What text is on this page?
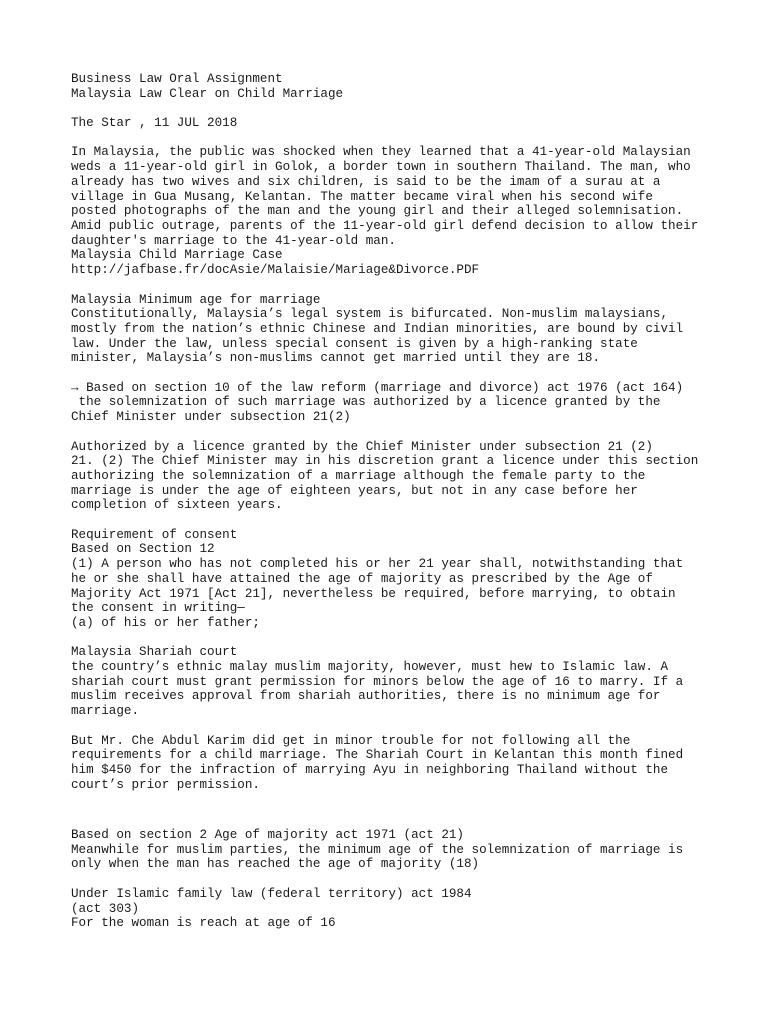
Business Law Oral Assignment
Malaysia Law Clear on Child Marriage
The Star , 11 JUL 2018
In Malaysia, the public was shocked when they learned that a 41-year-old Malaysian
weds a 11-year-old girl in Golok, a border town in southern Thailand. The man, who
already has two wives and six children, is said to be the imam of a surau at a
village in Gua Musang, Kelantan. The matter became viral when his second wife
posted photographs of the man and the young girl and their alleged solemnisation.
Amid public outrage, parents of the 11-year-old girl defend decision to allow their
daughter's marriage to the 41-year-old man.
Malaysia Child Marriage Case
http://jafbase.fr/docAsie/Malaisie/Mariage&Divorce.PDF
Malaysia Minimum age for marriage
Constitutionally, Malaysia’s legal system is bifurcated. Non-muslim malaysians,
mostly from the nation’s ethnic Chinese and Indian minorities, are bound by civil
law. Under the law, unless special consent is given by a high-ranking state
minister, Malaysia’s non-muslims cannot get married until they are 18.
→ Based on section 10 of the law reform (marriage and divorce) act 1976 (act 164)
the solemnization of such marriage was authorized by a licence granted by the
Chief Minister under subsection 21(2)
Authorized by a licence granted by the Chief Minister under subsection 21 (2)
21. (2) The Chief Minister may in his discretion grant a licence under this section
authorizing the solemnization of a marriage although the female party to the
marriage is under the age of eighteen years, but not in any case before her
completion of sixteen years.
Requirement of consent
Based on Section 12
(1) A person who has not completed his or her 21 year shall, notwithstanding that
he or she shall have attained the age of majority as prescribed by the Age of
Majority Act 1971 [Act 21], nevertheless be required, before marrying, to obtain
the consent in writing—
(a) of his or her father;
Malaysia Shariah court
the country’s ethnic malay muslim majority, however, must hew to Islamic law. A
shariah court must grant permission for minors below the age of 16 to marry. If a
muslim receives approval from shariah authorities, there is no minimum age for
marriage.
But Mr. Che Abdul Karim did get in minor trouble for not following all the
requirements for a child marriage. The Shariah Court in Kelantan this month fined
him $450 for the infraction of marrying Ayu in neighboring Thailand without the
court’s prior permission.
Based on section 2 Age of majority act 1971 (act 21)
Meanwhile for muslim parties, the minimum age of the solemnization of marriage is
only when the man has reached the age of majority (18)
Under Islamic family law (federal territory) act 1984
(act 303)
For the woman is reach at age of 16
